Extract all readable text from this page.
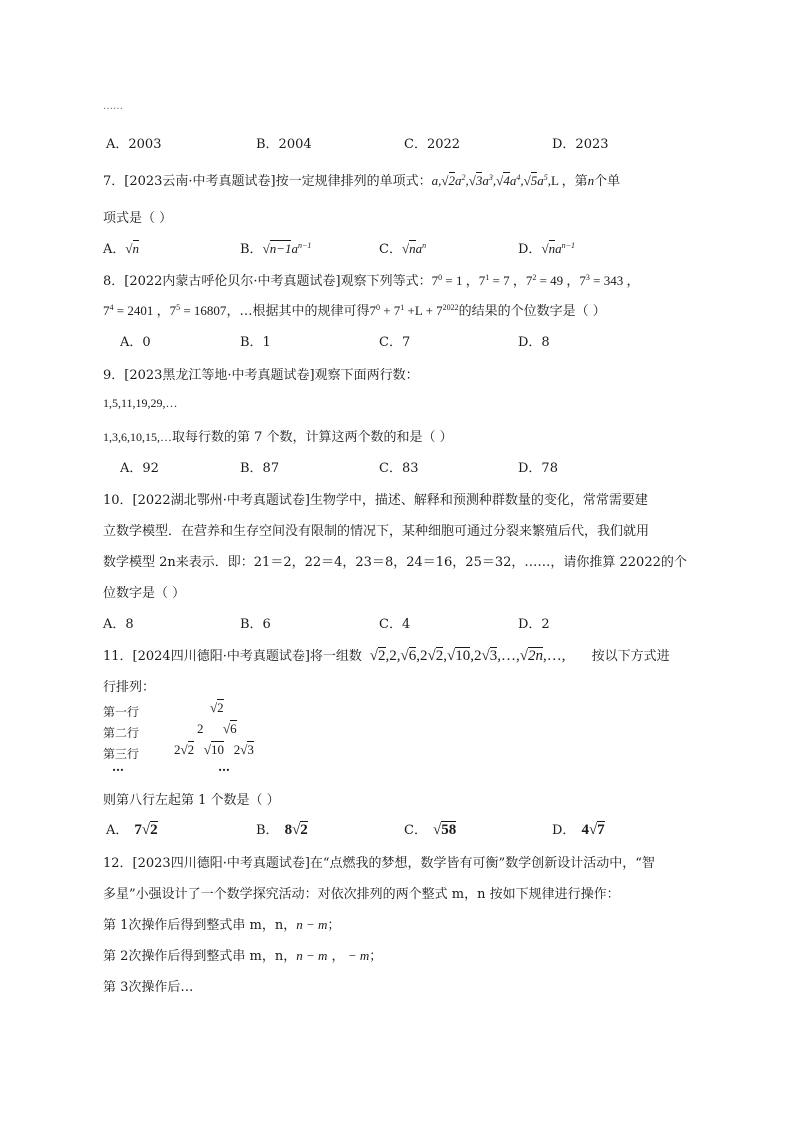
……
A．2003	B．2004	C．2022	D．2023
7．[2023云南·中考真题试卷]按一定规律排列的单项式：$a,√2a^2,√3a^3,√4a^4,√5a^5,L$ ，第n个单
项式是（ ）
A．√n	B．$√n-1a^{n-1}$	C．$√na^n$	D．$√na^{n-1}$
8．[2022内蒙古呼伦贝尔·中考真题试卷]观察下列等式：$7^0 = 1$ ，$7^1 = 7$ ，$7^2 = 49$ ，$7^3 = 343$ ，
$7^4 = 2401$ ，$7^5 = 16807$，…根据其中的规律可得$7^0 + 7^1 +L + 7^{2022}$的结果的个位数字是（ ）
A．0	B．1	C．7	D．8
9．[2023黑龙江等地·中考真题试卷]观察下面两行数：
1,5,11,19,29,…
1,3,6,10,15,…取每行数的第 7 个数，计算这两个数的和是（ ）
A．92	B．87	C．83	D．78
10．[2022湖北鄂州·中考真题试卷]生物学中，描述、解释和预测种群数量的变化，常常需要建
立数学模型．在营养和生存空间没有限制的情况下，某种细胞可通过分裂来繁殖后代，我们就用
数学模型 2n来表示．即：21＝2，22＝4，23＝8，24＝16，25＝32，……，请你推算 22022的个
位数字是（ ）
A．8	B．6	C．4	D．2
11．[2024四川德阳·中考真题试卷]将一组数 √2,2,√6,2√2,√10,2√3,…,√2n,…, 按以下方式进
行排列：
第一行	√2
第二行	2      √6
第三行	2√2 √10   2√3
…	…
则第八行左起第 1 个数是（ ）
A． 7√2	B． 8√2	C． √58	D． 4√7
12．[2023四川德阳·中考真题试卷]在“点燃我的梦想，数学皆有可衡”数学创新设计活动中，“智
多星”小强设计了一个数学探究活动：对依次排列的两个整式 m，n 按如下规律进行操作：
第 1次操作后得到整式串 m，n，n − m；
第 2次操作后得到整式串 m，n，n − m ， − m；
第 3次操作后…
